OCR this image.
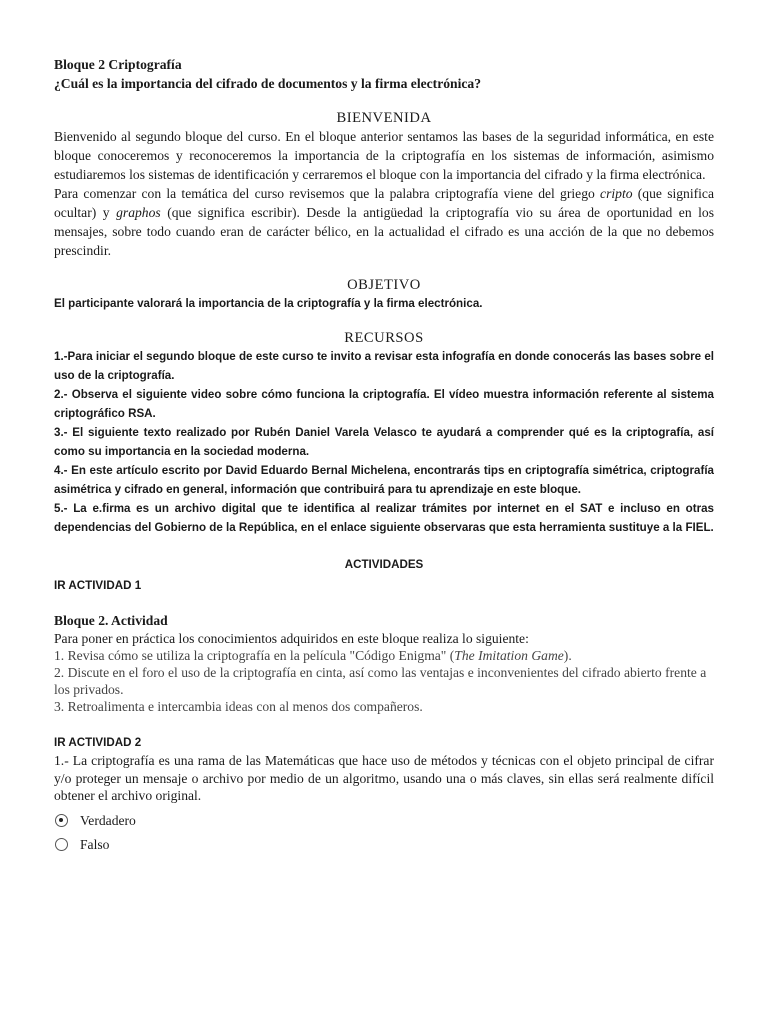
Bloque 2 Criptografía

¿Cuál es la importancia del cifrado de documentos y la firma electrónica?

BIENVENIDA

Bienvenido al segundo bloque del curso. En el bloque anterior sentamos las bases de la seguridad informática, en este bloque conoceremos y reconoceremos la importancia de la criptografía en los sistemas de información, asimismo estudiaremos los sistemas de identificación y cerraremos el bloque con la importancia del cifrado y la firma electrónica.

Para comenzar con la temática del curso revisemos que la palabra criptografía viene del griego cripto (que significa ocultar) y graphos (que significa escribir). Desde la antigüedad la criptografía vio su área de oportunidad en los mensajes, sobre todo cuando eran de carácter bélico, en la actualidad el cifrado es una acción de la que no debemos prescindir.

OBJETIVO

El participante valorará la importancia de la criptografía y la firma electrónica.

RECURSOS

1.-Para iniciar el segundo bloque de este curso te invito a revisar esta infografía en donde conocerás las bases sobre el uso de la criptografía.

2.- Observa el siguiente video sobre cómo funciona la criptografía. El vídeo muestra información referente al sistema criptográfico RSA.

3.- El siguiente texto realizado por Rubén Daniel Varela Velasco te ayudará a comprender qué es la criptografía, así como su importancia en la sociedad moderna.

4.- En este artículo escrito por David Eduardo Bernal Michelena, encontrarás tips en criptografía simétrica, criptografía asimétrica y cifrado en general, información que contribuirá para tu aprendizaje en este bloque.

5.- La e.firma es un archivo digital que te identifica al realizar trámites por internet en el SAT e incluso en otras dependencias del Gobierno de la República, en el enlace siguiente observaras que esta herramienta sustituye a la FIEL.

ACTIVIDADES

IR ACTIVIDAD 1

Bloque 2. Actividad

Para poner en práctica los conocimientos adquiridos en este bloque realiza lo siguiente:

1. Revisa cómo se utiliza la criptografía en la película "Código Enigma" (The Imitation Game).

2. Discute en el foro el uso de la criptografía en cinta, así como las ventajas e inconvenientes del cifrado abierto frente a los privados.

3. Retroalimenta e intercambia ideas con al menos dos compañeros.

IR ACTIVIDAD 2

1.- La criptografía es una rama de las Matemáticas que hace uso de métodos y técnicas con el objeto principal de cifrar y/o proteger un mensaje o archivo por medio de un algoritmo, usando una o más claves, sin ellas será realmente difícil obtener el archivo original.

Verdadero
Falso
